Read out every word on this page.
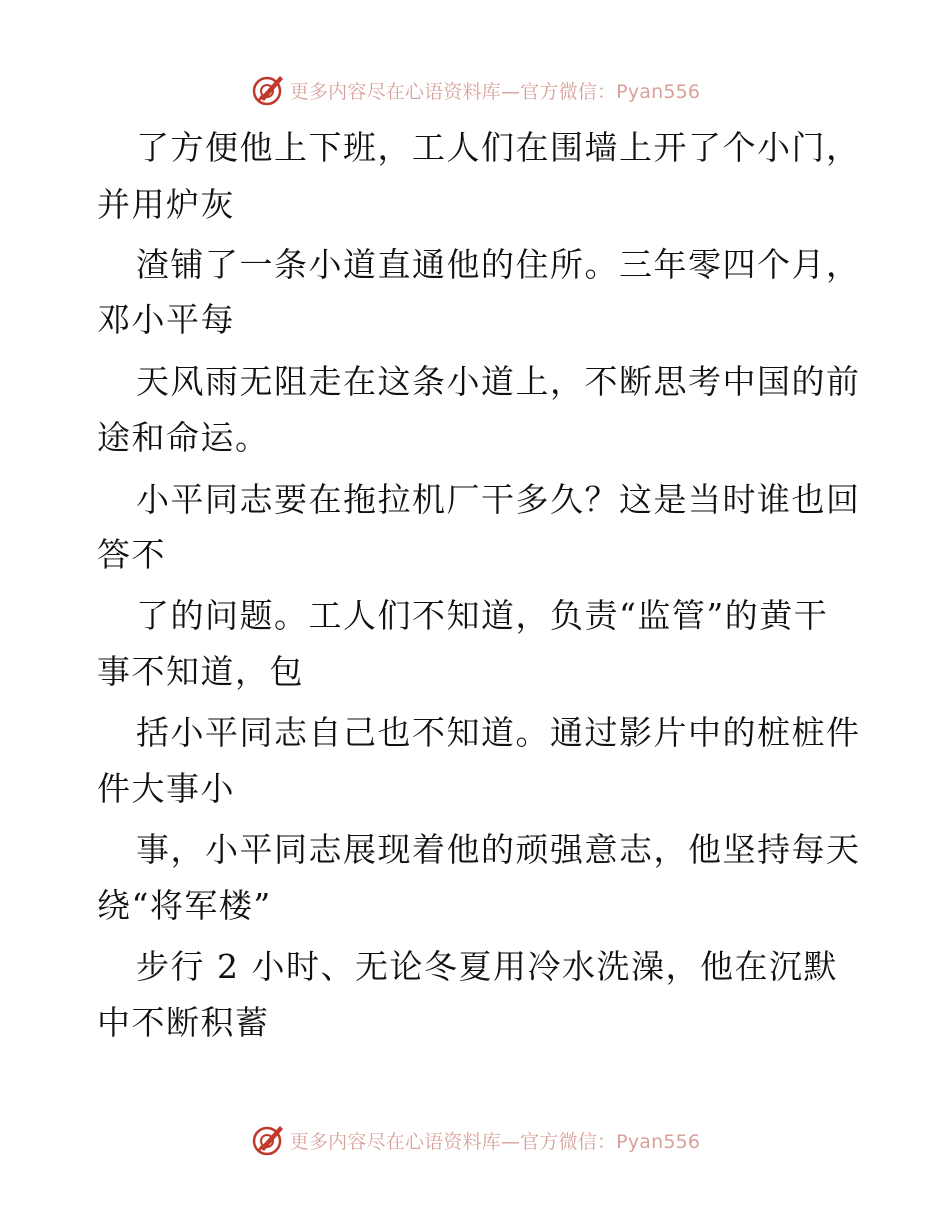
更多内容尽在心语资料库—官方微信：Pyan556
了方便他上下班，工人们在围墙上开了个小门，
并用炉灰
渣铺了一条小道直通他的住所。三年零四个月，
邓小平每
天风雨无阻走在这条小道上，不断思考中国的前
途和命运。
小平同志要在拖拉机厂干多久？这是当时谁也回
答不
了的问题。工人们不知道，负责“监管”的黄干
事不知道，包
括小平同志自己也不知道。通过影片中的桩桩件
件大事小
事，小平同志展现着他的顽强意志，他坚持每天
绕“将军楼”
步行 2 小时、无论冬夏用冷水洗澡，他在沉默
中不断积蓄
更多内容尽在心语资料库—官方微信：Pyan556
